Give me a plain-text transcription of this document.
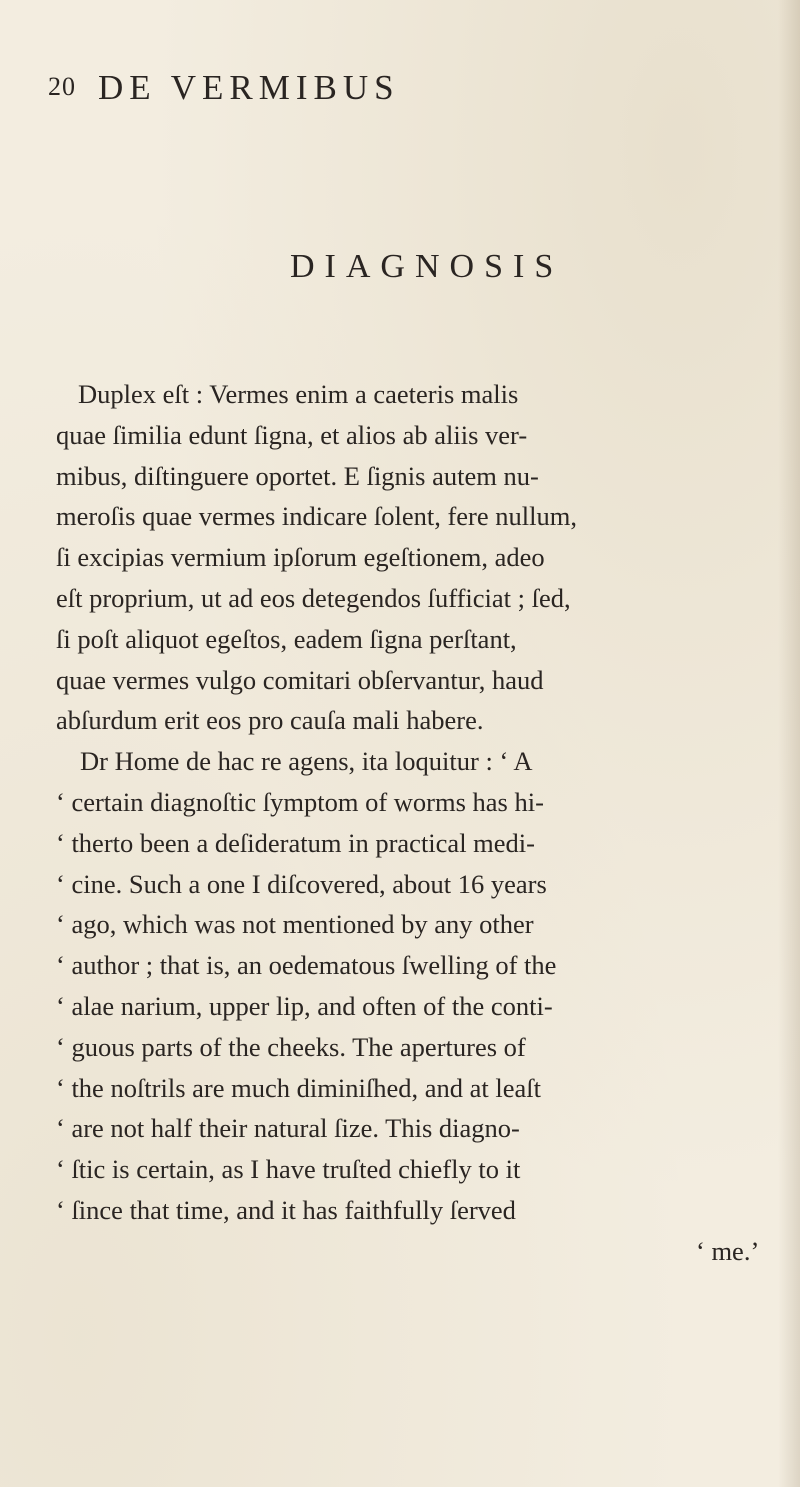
20 DE VERMIBUS
DIAGNOSIS
Duplex eſt : Vermes enim a caeteris malis
quae ſimilia edunt ſigna, et alios ab aliis ver-
mibus, diſtinguere oportet. E ſignis autem nu-
meroſis quae vermes indicare ſolent, fere nullum,
ſi excipias vermium ipſorum egeſtionem, adeo
eſt proprium, ut ad eos detegendos ſufficiat ; ſed,
ſi poſt aliquot egeſtos, eadem ſigna perſtant,
quae vermes vulgo comitari obſervantur, haud
abſurdum erit eos pro cauſa mali habere.
Dr Home de hac re agens, ita loquitur : ‘ A
‘ certain diagnoſtic ſymptom of worms has hi-
‘ therto been a deſideratum in practical medi-
‘ cine. Such a one I diſcovered, about 16 years
‘ ago, which was not mentioned by any other
‘ author ; that is, an oedematous ſwelling of the
‘ alae narium, upper lip, and often of the conti-
‘ guous parts of the cheeks. The apertures of
‘ the noſtrils are much diminiſhed, and at leaſt
‘ are not half their natural ſize. This diagno-
‘ ſtic is certain, as I have truſted chiefly to it
‘ ſince that time, and it has faithfully ſerved
‘ me.’
